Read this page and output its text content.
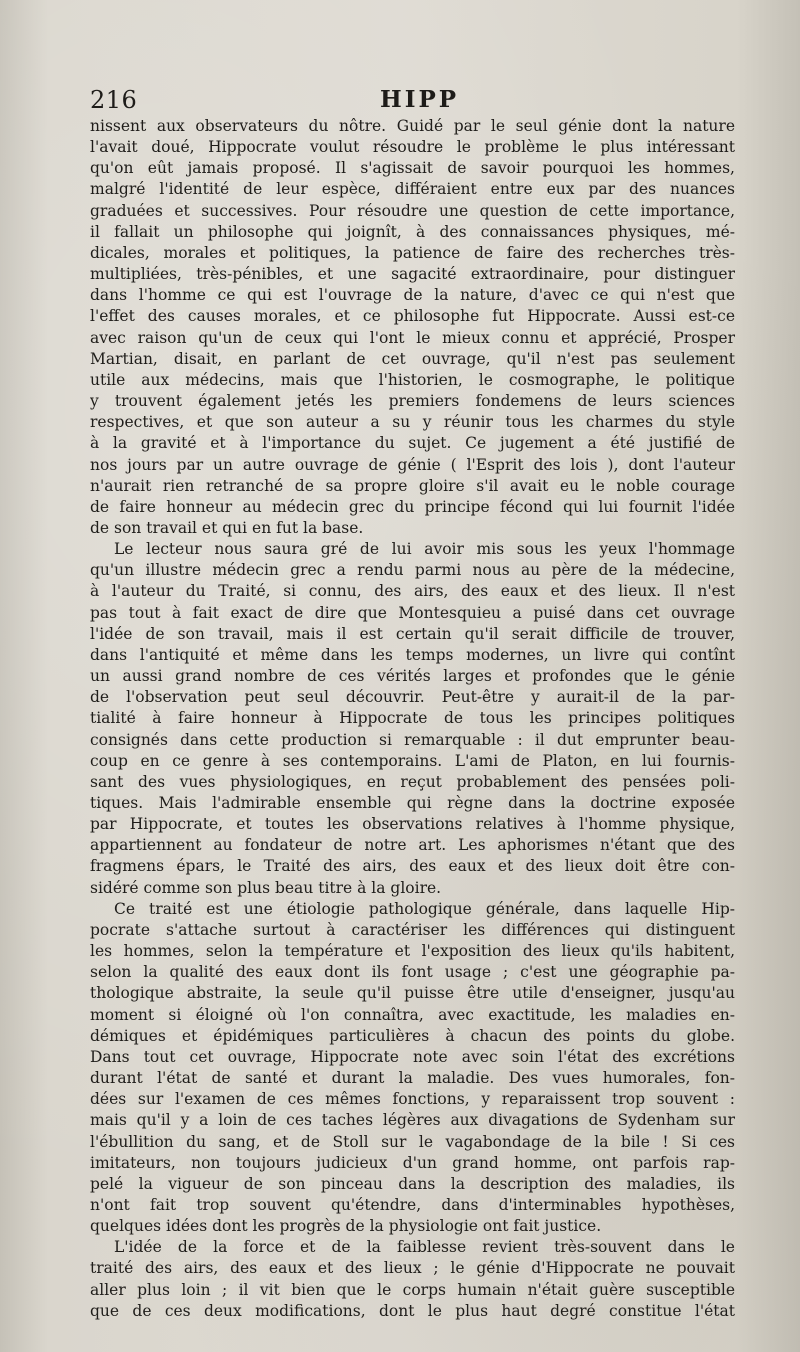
216	HIPP
nissent aux observateurs du nôtre. Guidé par le seul génie dont la nature
l'avait doué, Hippocrate voulut résoudre le problème le plus intéressant
qu'on eût jamais proposé. Il s'agissait de savoir pourquoi les hommes,
malgré l'identité de leur espèce, différaient entre eux par des nuances
graduées et successives. Pour résoudre une question de cette importance,
il fallait un philosophe qui joignît, à des connaissances physiques, mé-
dicales, morales et politiques, la patience de faire des recherches très-
multipliées, très-pénibles, et une sagacité extraordinaire, pour distinguer
dans l'homme ce qui est l'ouvrage de la nature, d'avec ce qui n'est que
l'effet des causes morales, et ce philosophe fut Hippocrate. Aussi est-ce
avec raison qu'un de ceux qui l'ont le mieux connu et apprécié, Prosper
Martian, disait, en parlant de cet ouvrage, qu'il n'est pas seulement
utile aux médecins, mais que l'historien, le cosmographe, le politique
y trouvent également jetés les premiers fondemens de leurs sciences
respectives, et que son auteur a su y réunir tous les charmes du style
à la gravité et à l'importance du sujet. Ce jugement a été justifié de
nos jours par un autre ouvrage de génie ( l'Esprit des lois ), dont l'auteur
n'aurait rien retranché de sa propre gloire s'il avait eu le noble courage
de faire honneur au médecin grec du principe fécond qui lui fournit l'idée
de son travail et qui en fut la base.
Le lecteur nous saura gré de lui avoir mis sous les yeux l'hommage
qu'un illustre médecin grec a rendu parmi nous au père de la médecine,
à l'auteur du Traité, si connu, des airs, des eaux et des lieux. Il n'est
pas tout à fait exact de dire que Montesquieu a puisé dans cet ouvrage
l'idée de son travail, mais il est certain qu'il serait difficile de trouver,
dans l'antiquité et même dans les temps modernes, un livre qui contînt
un aussi grand nombre de ces vérités larges et profondes que le génie
de l'observation peut seul découvrir. Peut-être y aurait-il de la par-
tialité à faire honneur à Hippocrate de tous les principes politiques
consignés dans cette production si remarquable : il dut emprunter beau-
coup en ce genre à ses contemporains. L'ami de Platon, en lui fournis-
sant des vues physiologiques, en reçut probablement des pensées poli-
tiques. Mais l'admirable ensemble qui règne dans la doctrine exposée
par Hippocrate, et toutes les observations relatives à l'homme physique,
appartiennent au fondateur de notre art. Les aphorismes n'étant que des
fragmens épars, le Traité des airs, des eaux et des lieux doit être con-
sidéré comme son plus beau titre à la gloire.
Ce traité est une étiologie pathologique générale, dans laquelle Hip-
pocrate s'attache surtout à caractériser les différences qui distinguent
les hommes, selon la température et l'exposition des lieux qu'ils habitent,
selon la qualité des eaux dont ils font usage ; c'est une géographie pa-
thologique abstraite, la seule qu'il puisse être utile d'enseigner, jusqu'au
moment si éloigné où l'on connaîtra, avec exactitude, les maladies en-
démiques et épidémiques particulières à chacun des points du globe.
Dans tout cet ouvrage, Hippocrate note avec soin l'état des excrétions
durant l'état de santé et durant la maladie. Des vues humorales, fon-
dées sur l'examen de ces mêmes fonctions, y reparaissent trop souvent :
mais qu'il y a loin de ces taches légères aux divagations de Sydenham sur
l'ébullition du sang, et de Stoll sur le vagabondage de la bile ! Si ces
imitateurs, non toujours judicieux d'un grand homme, ont parfois rap-
pelé la vigueur de son pinceau dans la description des maladies, ils
n'ont fait trop souvent qu'étendre, dans d'interminables hypothèses,
quelques idées dont les progrès de la physiologie ont fait justice.
L'idée de la force et de la faiblesse revient très-souvent dans le
traité des airs, des eaux et des lieux ; le génie d'Hippocrate ne pouvait
aller plus loin ; il vit bien que le corps humain n'était guère susceptible
que de ces deux modifications, dont le plus haut degré constitue l'état
